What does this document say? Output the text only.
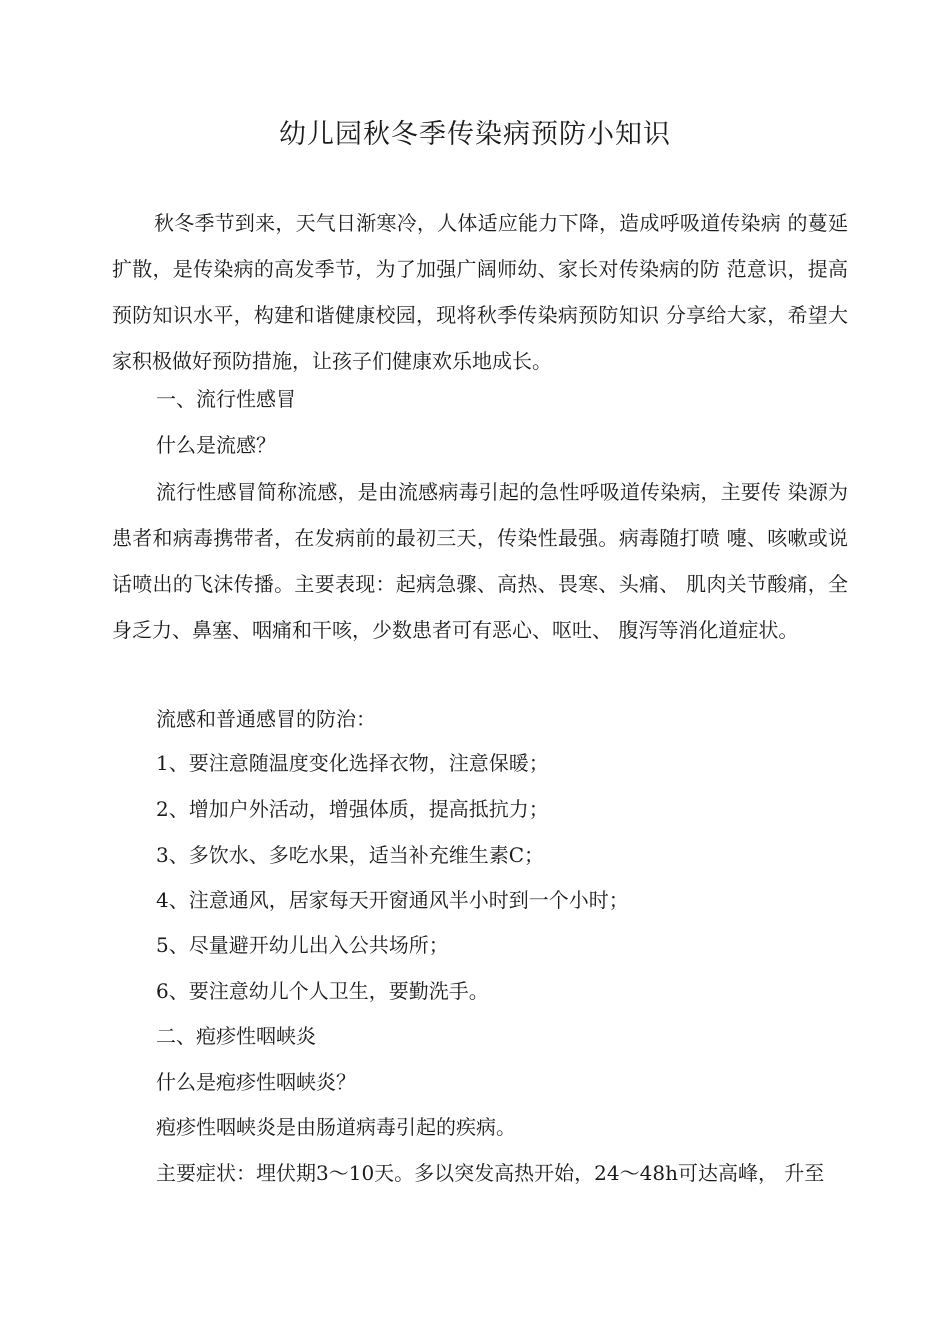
幼儿园秋冬季传染病预防小知识
秋冬季节到来，天气日渐寒冷，人体适应能力下降，造成呼吸道传染病 的蔓延扩散，是传染病的高发季节，为了加强广阔师幼、家长对传染病的防 范意识，提高预防知识水平，构建和谐健康校园，现将秋季传染病预防知识 分享给大家，希望大家积极做好预防措施，让孩子们健康欢乐地成长。
一、流行性感冒
什么是流感？
流行性感冒简称流感，是由流感病毒引起的急性呼吸道传染病，主要传 染源为患者和病毒携带者，在发病前的最初三天，传染性最强。病毒随打喷 嚏、咳嗽或说话喷出的飞沫传播。主要表现：起病急骤、高热、畏寒、头痛、 肌肉关节酸痛，全身乏力、鼻塞、咽痛和干咳，少数患者可有恶心、呕吐、 腹泻等消化道症状。
流感和普通感冒的防治：
1、要注意随温度变化选择衣物，注意保暖；
2、增加户外活动，增强体质，提高抵抗力；
3、多饮水、多吃水果，适当补充维生素C；
4、注意通风，居家每天开窗通风半小时到一个小时；
5、尽量避开幼儿出入公共场所；
6、要注意幼儿个人卫生，要勤洗手。
二、疱疹性咽峡炎
什么是疱疹性咽峡炎？
疱疹性咽峡炎是由肠道病毒引起的疾病。
主要症状：埋伏期3〜10天。多以突发高热开始，24〜48h可达高峰， 升至
